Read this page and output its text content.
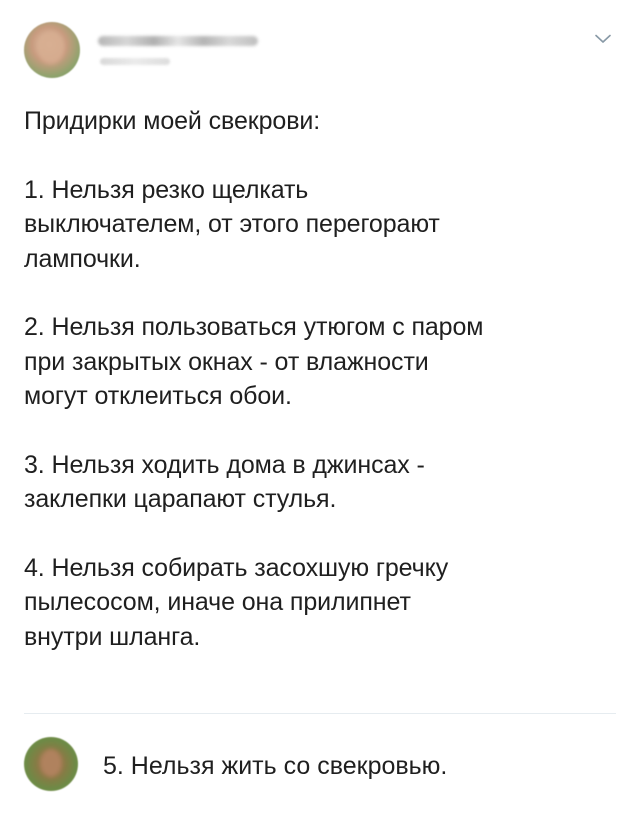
Придирки моей свекрови:

1. Нельзя резко щелкать
выключателем, от этого перегорают
лампочки.

2. Нельзя пользоваться утюгом с паром
при закрытых окнах - от влажности
могут отклеиться обои.

3. Нельзя ходить дома в джинсах -
заклепки царапают стулья.

4. Нельзя собирать засохшую гречку
пылесосом, иначе она прилипнет
внутри шланга.

5. Нельзя жить со свекровью.
